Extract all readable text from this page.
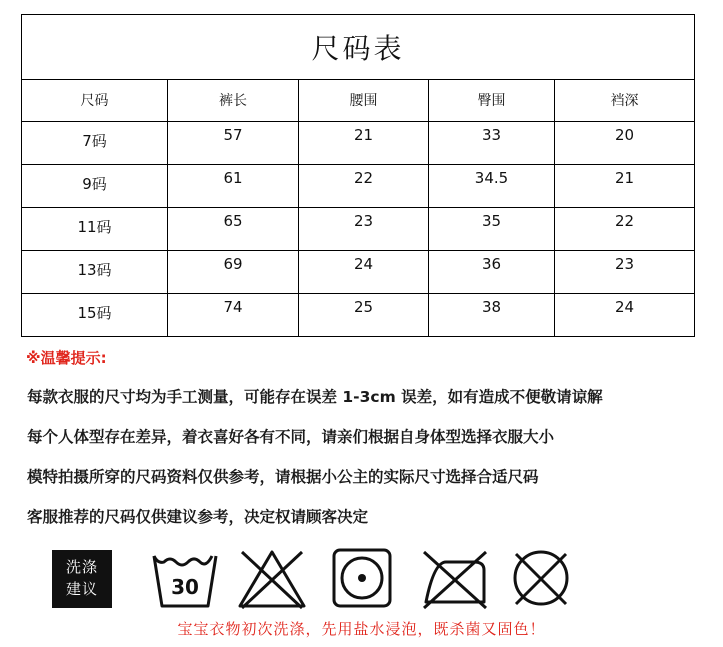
尺码表				
尺码	裤长	腰围	臀围	裆深
7码	57	21	33	20
9码	61	22	34.5	21
11码	65	23	35	22
13码	69	24	36	23
15码	74	25	38	24
※温馨提示:
每款衣服的尺寸均为手工测量，可能存在误差 1-3cm 误差，如有造成不便敬请谅解
每个人体型存在差异，着衣喜好各有不同，请亲们根据自身体型选择衣服大小
模特拍摄所穿的尺码资料仅供参考，请根据小公主的实际尺寸选择合适尺码
客服推荐的尺码仅供建议参考，决定权请顾客决定
洗涤
建议	30
宝宝衣物初次洗涤，先用盐水浸泡，既杀菌又固色！
